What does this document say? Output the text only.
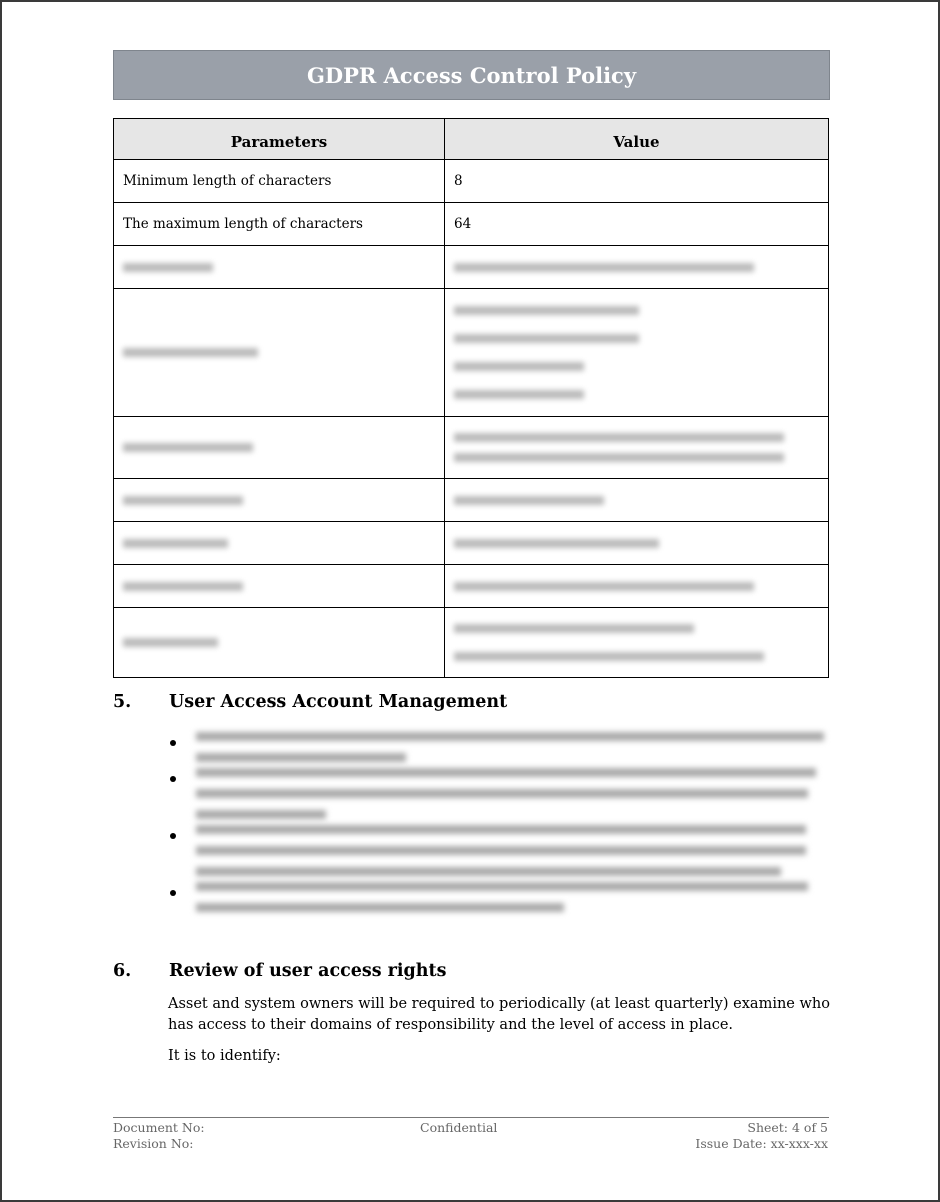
GDPR Access Control Policy
Parameters	Value
Minimum length of characters	8
The maximum length of characters	64

5. User Access Account Management
6. Review of user access rights
Asset and system owners will be required to periodically (at least quarterly) examine who has access to their domains of responsibility and the level of access in place.
It is to identify:
Document No:
Revision No:
Confidential	Sheet: 4 of 5
Issue Date: xx-xxx-xx
